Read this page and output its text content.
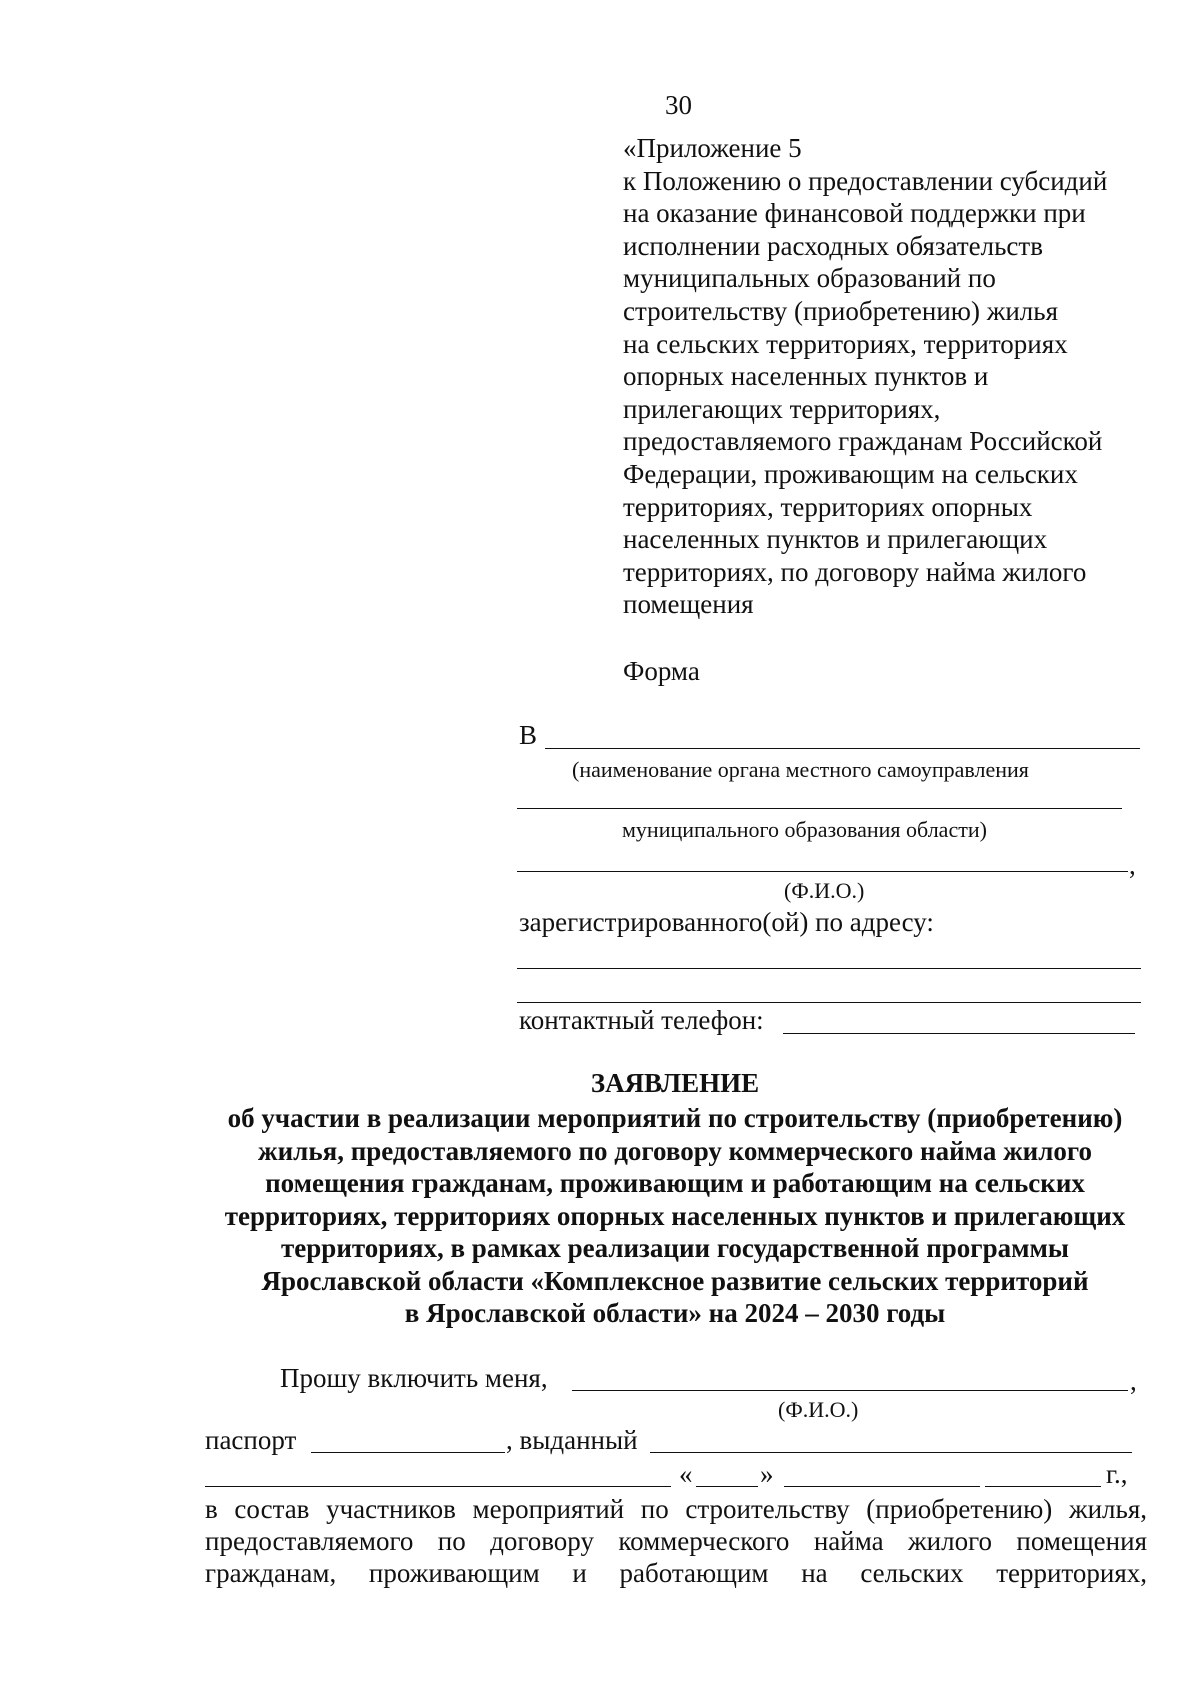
30
«Приложение 5
к Положению о предоставлении субсидий
на оказание финансовой поддержки при
исполнении расходных обязательств
муниципальных образований по
строительству (приобретению) жилья
на сельских территориях, территориях
опорных населенных пунктов и
прилегающих территориях,
предоставляемого гражданам Российской
Федерации, проживающим на сельских
территориях, территориях опорных
населенных пунктов и прилегающих
территориях, по договору найма жилого
помещения
Форма
В
(наименование органа местного самоуправления
муниципального образования области)
,
(Ф.И.О.)
зарегистрированного(ой) по адресу:
контактный телефон:
ЗАЯВЛЕНИЕ
об участии в реализации мероприятий по строительству (приобретению)
жилья, предоставляемого по договору коммерческого найма жилого
помещения гражданам, проживающим и работающим на сельских
территориях, территориях опорных населенных пунктов и прилегающих
территориях, в рамках реализации государственной программы
Ярославской области «Комплексное развитие сельских территорий
в Ярославской области» на 2024 – 2030 годы
Прошу включить меня,	,
(Ф.И.О.)
паспорт	, выданный
«	»	г.,
в состав участников мероприятий по строительству (приобретению) жилья,
предоставляемого по договору коммерческого найма жилого помещения
гражданам, проживающим и работающим на сельских территориях,
